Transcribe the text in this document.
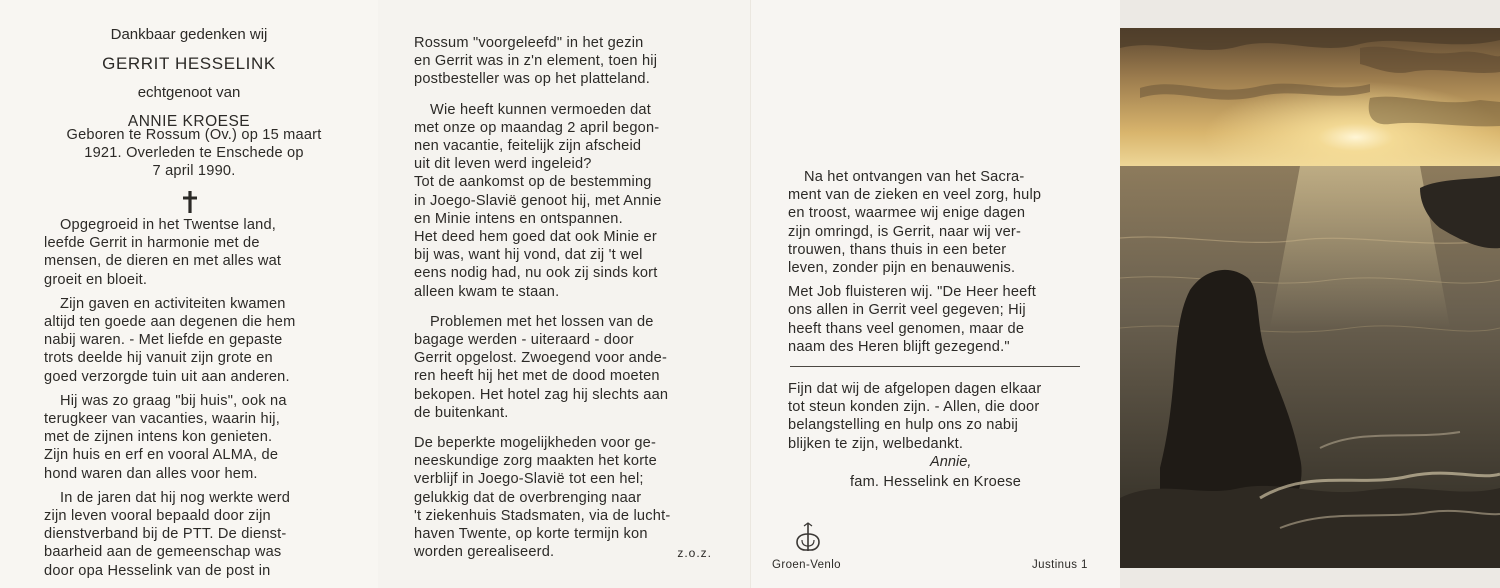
Dankbaar gedenken wij
GERRIT HESSELINK
echtgenoot van
ANNIE KROESE
Geboren te Rossum (Ov.) op 15 maart
1921. Overleden te Enschede op
7 april 1990.

Opgegroeid in het Twentse land,
leefde Gerrit in harmonie met de
mensen, de dieren en met alles wat
groeit en bloeit.

Zijn gaven en activiteiten kwamen
altijd ten goede aan degenen die hem
nabij waren. - Met liefde en gepaste
trots deelde hij vanuit zijn grote en
goed verzorgde tuin uit aan anderen.

Hij was zo graag "bij huis", ook na
terugkeer van vacanties, waarin hij,
met de zijnen intens kon genieten.
Zijn huis en erf en vooral ALMA, de
hond waren dan alles voor hem.

In de jaren dat hij nog werkte werd
zijn leven vooral bepaald door zijn
dienstverband bij de PTT. De dienst-
baarheid aan de gemeenschap was
door opa Hesselink van de post in

Rossum "voorgeleefd" in het gezin
en Gerrit was in z'n element, toen hij
postbesteller was op het platteland.

Wie heeft kunnen vermoeden dat
met onze op maandag 2 april begon-
nen vacantie, feitelijk zijn afscheid
uit dit leven werd ingeleid?

Tot de aankomst op de bestemming
in Joego-Slavië genoot hij, met Annie
en Minie intens en ontspannen.

Het deed hem goed dat ook Minie er
bij was, want hij vond, dat zij 't wel
eens nodig had, nu ook zij sinds kort
alleen kwam te staan.

Problemen met het lossen van de
bagage werden - uiteraard - door
Gerrit opgelost. Zwoegend voor ande-
ren heeft hij het met de dood moeten
bekopen. Het hotel zag hij slechts aan
de buitenkant.

De beperkte mogelijkheden voor ge-
neeskundige zorg maakten het korte
verblijf in Joego-Slavië tot een hel;
gelukkig dat de overbrenging naar
't ziekenhuis Stadsmaten, via de lucht-
haven Twente, op korte termijn kon
worden gerealiseerd.	z.o.z.

Na het ontvangen van het Sacra-
ment van de zieken en veel zorg, hulp
en troost, waarmee wij enige dagen
zijn omringd, is Gerrit, naar wij ver-
trouwen, thans thuis in een beter
leven, zonder pijn en benauwenis.

Met Job fluisteren wij. "De Heer heeft
ons allen in Gerrit veel gegeven; Hij
heeft thans veel genomen, maar de
naam des Heren blijft gezegend."

Fijn dat wij de afgelopen dagen elkaar
tot steun konden zijn. - Allen, die door
belangstelling en hulp ons zo nabij
blijken te zijn, welbedankt.
Annie,
fam. Hesselink en Kroese
Groen-Venlo	Justinus 1
